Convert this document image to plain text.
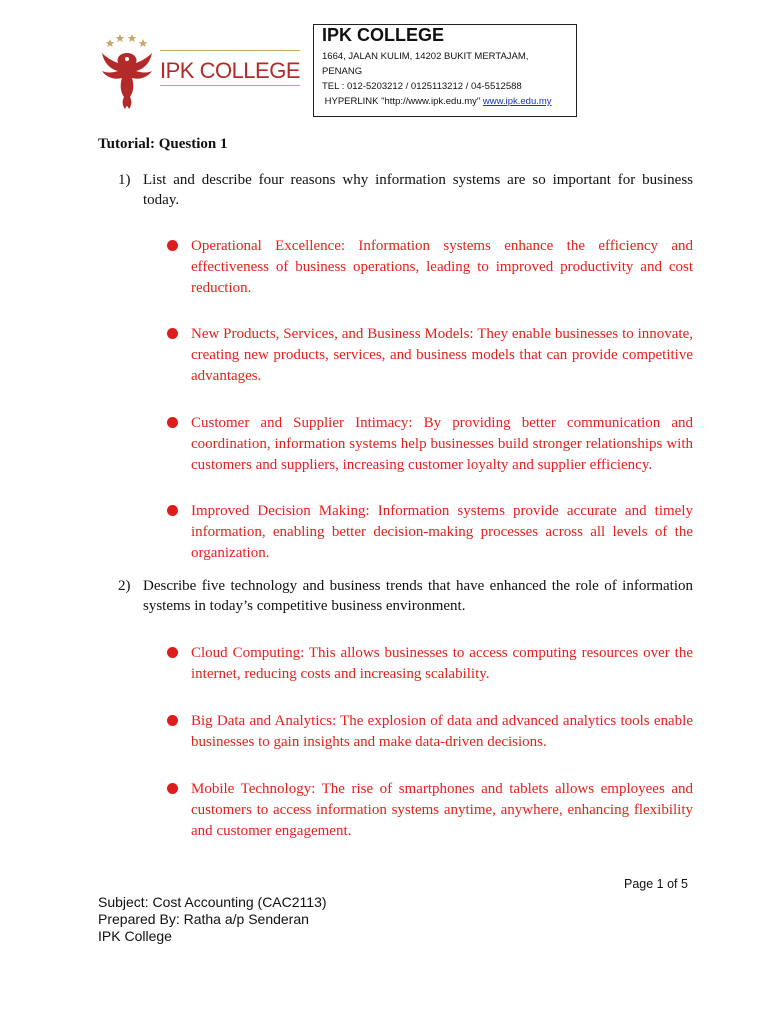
IPK COLLEGE
IPK COLLEGE
1664, JALAN KULIM, 14202 BUKIT MERTAJAM,
PENANG
TEL : 012-5203212 / 0125113212 / 04-5512588
HYPERLINK "http://www.ipk.edu.my" www.ipk.edu.my
Tutorial: Question 1
1) List and describe four reasons why information systems are so important for business today.
Operational Excellence: Information systems enhance the efficiency and effectiveness of business operations, leading to improved productivity and cost reduction.
New Products, Services, and Business Models: They enable businesses to innovate, creating new products, services, and business models that can provide competitive advantages.
Customer and Supplier Intimacy: By providing better communication and coordination, information systems help businesses build stronger relationships with customers and suppliers, increasing customer loyalty and supplier efficiency.
Improved Decision Making: Information systems provide accurate and timely information, enabling better decision-making processes across all levels of the organization.
2) Describe five technology and business trends that have enhanced the role of information systems in today’s competitive business environment.
Cloud Computing: This allows businesses to access computing resources over the internet, reducing costs and increasing scalability.
Big Data and Analytics: The explosion of data and advanced analytics tools enable businesses to gain insights and make data-driven decisions.
Mobile Technology: The rise of smartphones and tablets allows employees and customers to access information systems anytime, anywhere, enhancing flexibility and customer engagement.
Page 1 of 5
Subject: Cost Accounting (CAC2113)
Prepared By: Ratha a/p Senderan
IPK College
